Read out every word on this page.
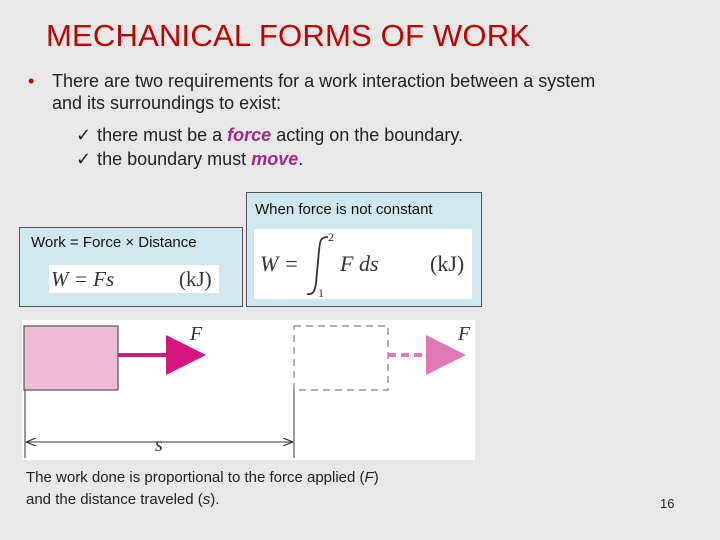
MECHANICAL FORMS OF WORK
• There are two requirements for a work interaction between a system and its surroundings to exist:
✓ there must be a force acting on the boundary.
✓ the boundary must move.
When force is not constant
W =
2
1
F ds (kJ)
Work = Force × Distance
W = Fs	(kJ)
F	F
s
The work done is proportional to the force applied (F) and the distance traveled (s).	16
